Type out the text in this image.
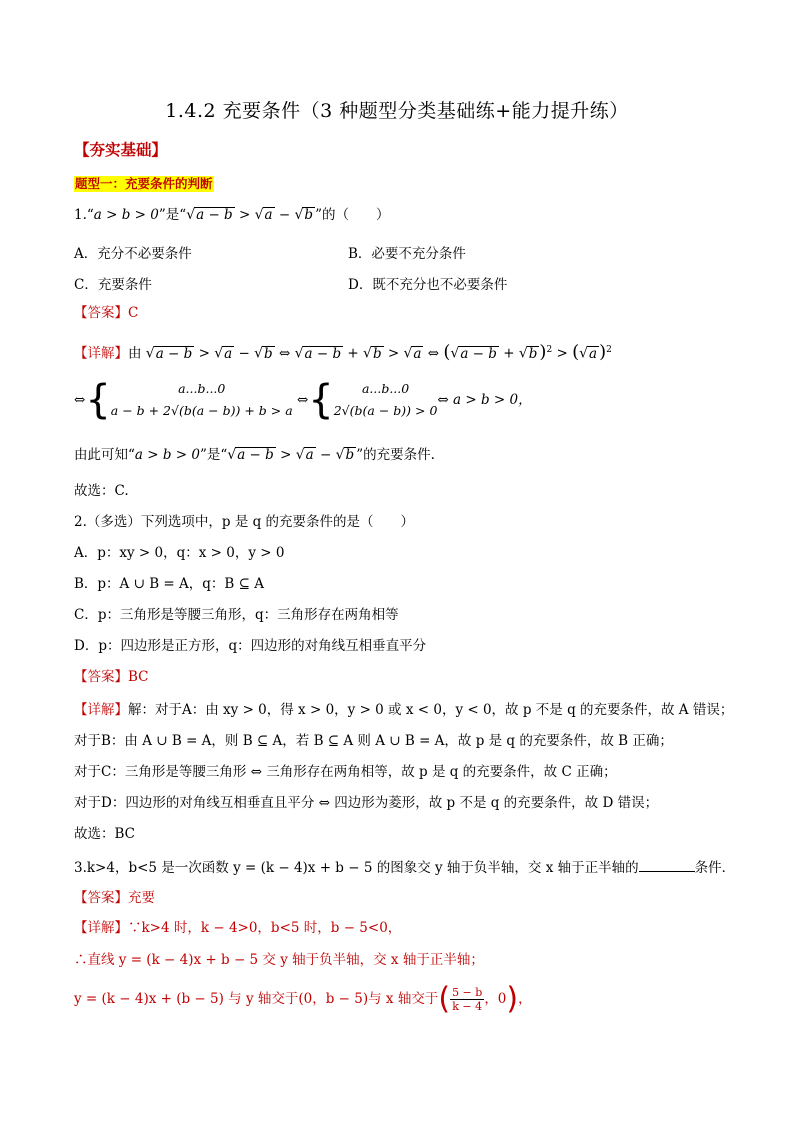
1.4.2 充要条件（3 种题型分类基础练+能力提升练）
【夯实基础】
题型一：充要条件的判断
1.“a > b > 0”是“√a − b > √a − √b ”的（　　）
A．充分不必要条件	B．必要不充分条件
C．充要条件	D．既不充分也不必要条件
【答案】C
【详解】由 √a − b > √a − √b ⇔ √a − b + √b > √a ⇔ (√a − b + √b )$^2$ > (√a )$^2$
⇔{	a...b...0
a − b + 2√(b(a − b)) + b > a
⇔{	a...b...0
2√(b(a − b)) > 0
⇔ a > b > 0，
由此可知“a > b > 0”是“√a − b > √a − √b ”的充要条件.
故选：C.
2.（多选）下列选项中，p 是 q 的充要条件的是（　　）
A．p：xy > 0，q：x > 0，y > 0
B．p：A ∪ B = A，q：B ⊆ A
C．p：三角形是等腰三角形，q：三角形存在两角相等
D．p：四边形是正方形，q：四边形的对角线互相垂直平分
【答案】BC
【详解】解：对于A：由 xy > 0，得 x > 0，y > 0 或 x < 0，y < 0，故 p 不是 q 的充要条件，故 A 错误；
对于B：由 A ∪ B = A，则 B ⊆ A，若 B ⊆ A 则 A ∪ B = A，故 p 是 q 的充要条件，故 B 正确；
对于C：三角形是等腰三角形 ⇔ 三角形存在两角相等，故 p 是 q 的充要条件，故 C 正确；
对于D：四边形的对角线互相垂直且平分 ⇔ 四边形为菱形，故 p 不是 q 的充要条件，故 D 错误；
故选：BC
3.k>4，b<5 是一次函数 y = (k − 4)x + b − 5 的图象交 y 轴于负半轴，交 x 轴于正半轴的	条件．
【答案】充要
【详解】∵k>4 时，k − 4>0，b<5 时，b − 5<0，
∴直线 y = (k − 4)x + b − 5 交 y 轴于负半轴，交 x 轴于正半轴；
y = (k − 4)x + (b − 5) 与 y 轴交于(0，b − 5)与 x 轴交于( $\frac{5 - b}{k - 4}$ ，0)，
